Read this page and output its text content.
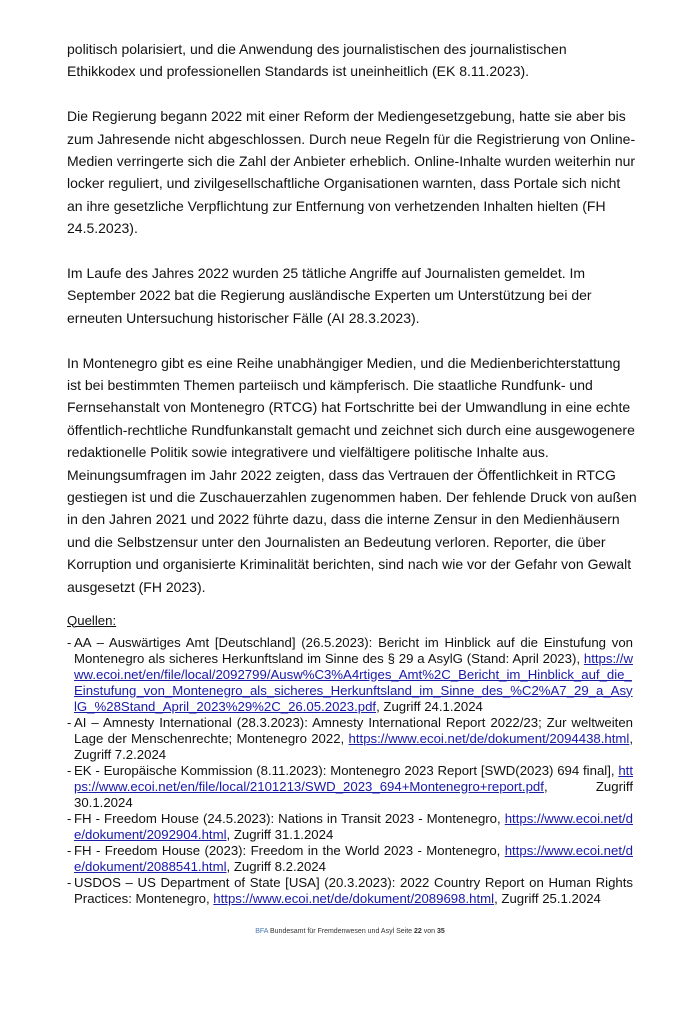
politisch polarisiert, und die Anwendung des journalistischen des journalistischen Ethikkodex und professionellen Standards ist uneinheitlich (EK 8.11.2023).

Die Regierung begann 2022 mit einer Reform der Mediengesetzgebung, hatte sie aber bis zum Jahresende nicht abgeschlossen. Durch neue Regeln für die Registrierung von Online-Medien verringerte sich die Zahl der Anbieter erheblich. Online-Inhalte wurden weiterhin nur locker reguliert, und zivilgesellschaftliche Organisationen warnten, dass Portale sich nicht an ihre gesetzliche Verpflichtung zur Entfernung von verhetzenden Inhalten hielten (FH 24.5.2023).

Im Laufe des Jahres 2022 wurden 25 tätliche Angriffe auf Journalisten gemeldet. Im September 2022 bat die Regierung ausländische Experten um Unterstützung bei der erneuten Untersuchung historischer Fälle (AI 28.3.2023).

In Montenegro gibt es eine Reihe unabhängiger Medien, und die Medienberichterstattung ist bei bestimmten Themen parteiisch und kämpferisch. Die staatliche Rundfunk- und Fernsehanstalt von Montenegro (RTCG) hat Fortschritte bei der Umwandlung in eine echte öffentlich-rechtliche Rundfunkanstalt gemacht und zeichnet sich durch eine ausgewogenere redaktionelle Politik sowie integrativere und vielfältigere politische Inhalte aus. Meinungsumfragen im Jahr 2022 zeigten, dass das Vertrauen der Öffentlichkeit in RTCG gestiegen ist und die Zuschauerzahlen zugenommen haben. Der fehlende Druck von außen in den Jahren 2021 und 2022 führte dazu, dass die interne Zensur in den Medienhäusern und die Selbstzensur unter den Journalisten an Bedeutung verloren. Reporter, die über Korruption und organisierte Kriminalität berichten, sind nach wie vor der Gefahr von Gewalt ausgesetzt (FH 2023).

Quellen:
- AA – Auswärtiges Amt [Deutschland] (26.5.2023): Bericht im Hinblick auf die Einstufung von Montenegro als sicheres Herkunftsland im Sinne des § 29 a AsylG (Stand: April 2023), https://www.ecoi.net/en/file/local/2092799/Ausw%C3%A4rtiges_Amt%2C_Bericht_im_Hinblick_auf_die_Einstufung_von_Montenegro_als_sicheres_Herkunftsland_im_Sinne_des_%C2%A7_29_a_AsylG_%28Stand_April_2023%29%2C_26.05.2023.pdf, Zugriff 24.1.2024
- AI – Amnesty International (28.3.2023): Amnesty International Report 2022/23; Zur weltweiten Lage der Menschenrechte; Montenegro 2022, https://www.ecoi.net/de/dokument/2094438.html, Zugriff 7.2.2024
- EK - Europäische Kommission (8.11.2023): Montenegro 2023 Report [SWD(2023) 694 final], https://www.ecoi.net/en/file/local/2101213/SWD_2023_694+Montenegro+report.pdf, Zugriff 30.1.2024
- FH - Freedom House (24.5.2023): Nations in Transit 2023 - Montenegro, https://www.ecoi.net/de/dokument/2092904.html, Zugriff 31.1.2024
- FH - Freedom House (2023): Freedom in the World 2023 - Montenegro, https://www.ecoi.net/de/dokument/2088541.html, Zugriff 8.2.2024
- USDOS – US Department of State [USA] (20.3.2023): 2022 Country Report on Human Rights Practices: Montenegro, https://www.ecoi.net/de/dokument/2089698.html, Zugriff 25.1.2024
BFA Bundesamt für Fremdenwesen und Asyl Seite 22 von 35
